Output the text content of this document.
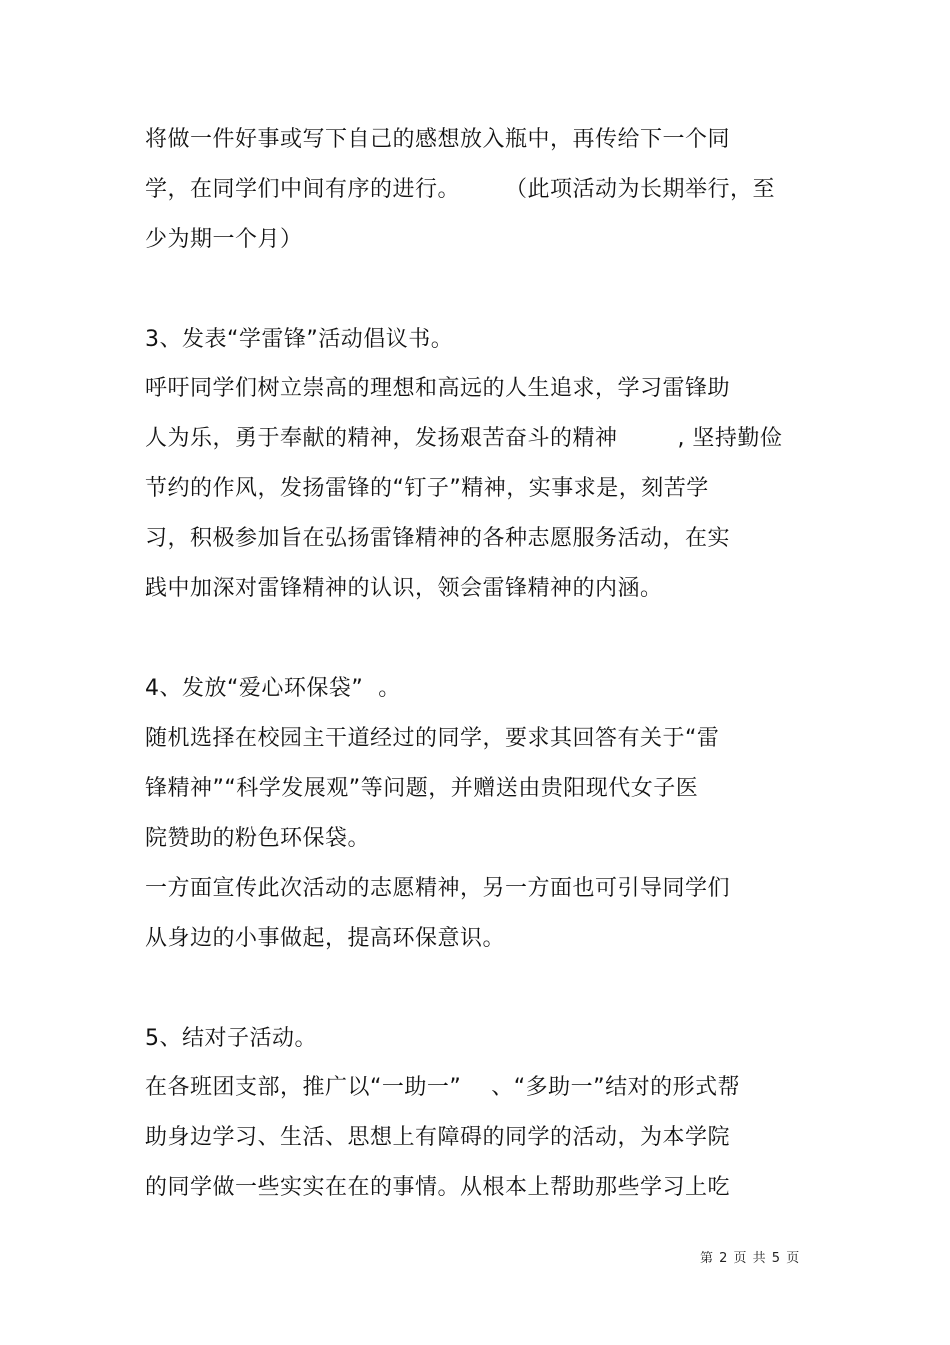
将做一件好事或写下自己的感想放入瓶中，再传给下一个同
学，在同学们中间有序的进行。      （此项活动为长期举行，至
少为期一个月）
3、发表“学雷锋”活动倡议书。
呼吁同学们树立崇高的理想和高远的人生追求，学习雷锋助
人为乐，勇于奉献的精神，发扬艰苦奋斗的精神        , 坚持勤俭
节约的作风，发扬雷锋的“钉子”精神，实事求是，刻苦学
习，积极参加旨在弘扬雷锋精神的各种志愿服务活动，在实
践中加深对雷锋精神的认识，领会雷锋精神的内涵。
4、发放“爱心环保袋”  。
随机选择在校园主干道经过的同学，要求其回答有关于“雷
锋精神”“科学发展观”等问题，并赠送由贵阳现代女子医
院赞助的粉色环保袋。
一方面宣传此次活动的志愿精神，另一方面也可引导同学们
从身边的小事做起，提高环保意识。
5、结对子活动。
在各班团支部，推广以“一助一”    、“多助一”结对的形式帮
助身边学习、生活、思想上有障碍的同学的活动，为本学院
的同学做一些实实在在的事情。从根本上帮助那些学习上吃
第 2 页 共 5 页
